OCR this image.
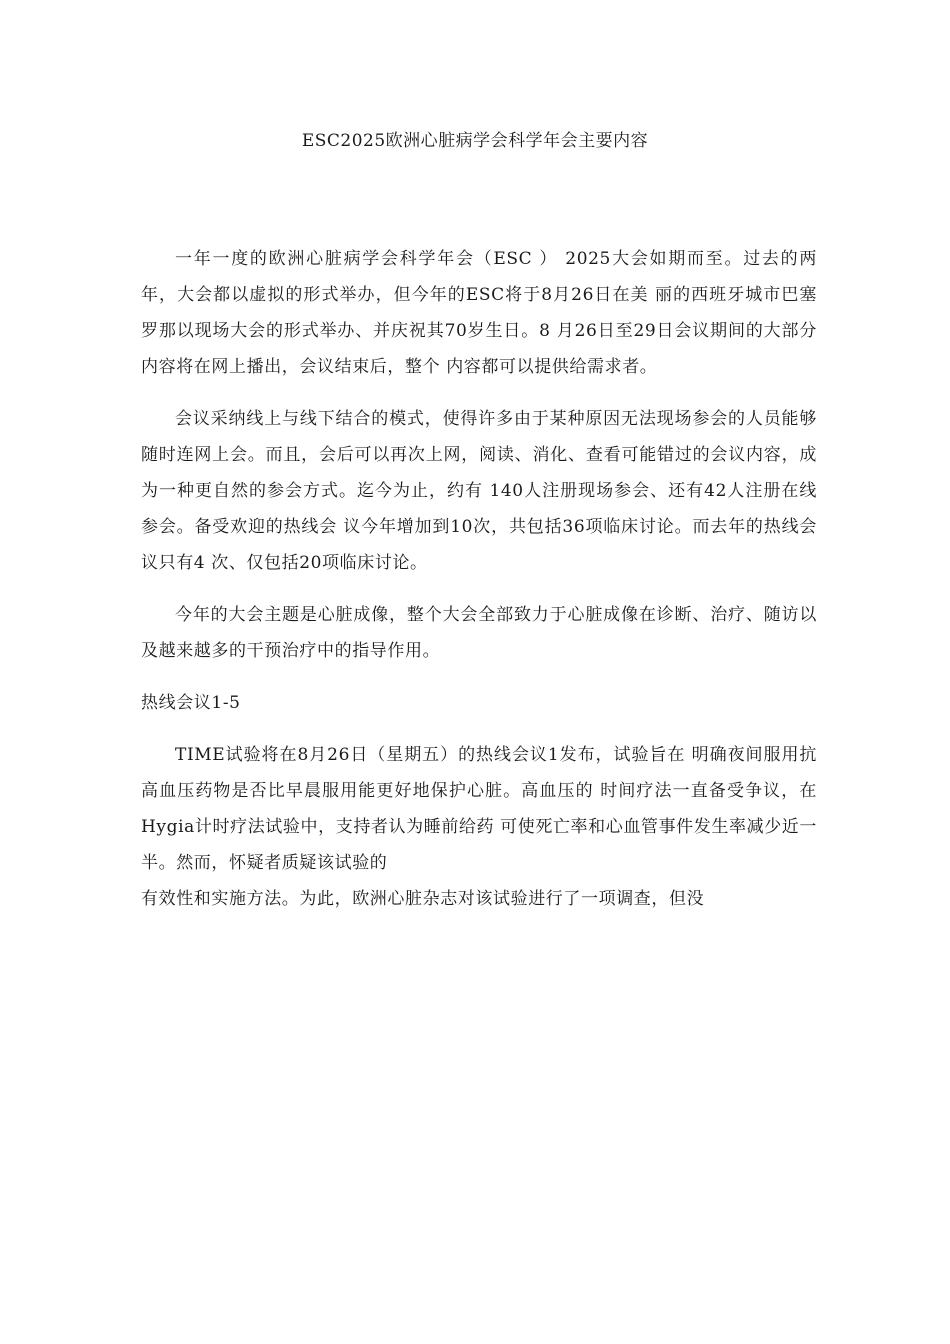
ESC2025欧洲心脏病学会科学年会主要内容

一年一度的欧洲心脏病学会科学年会（ESC ） 2025大会如期而至。过去的两年，大会都以虚拟的形式举办，但今年的ESC将于8月26日在美 丽的西班牙城市巴塞罗那以现场大会的形式举办、并庆祝其70岁生日。8 月26日至29日会议期间的大部分内容将在网上播出，会议结束后，整个 内容都可以提供给需求者。

会议采纳线上与线下结合的模式，使得许多由于某种原因无法现场参会的人员能够随时连网上会。而且，会后可以再次上网，阅读、消化、查看可能错过的会议内容，成为一种更自然的参会方式。迄今为止，约有 140人注册现场参会、还有42人注册在线参会。备受欢迎的热线会 议今年增加到10次，共包括36项临床讨论。而去年的热线会议只有4 次、仅包括20项临床讨论。

今年的大会主题是心脏成像，整个大会全部致力于心脏成像在诊断、治疗、随访以及越来越多的干预治疗中的指导作用。

热线会议1-5

TIME试验将在8月26日（星期五）的热线会议1发布，试验旨在 明确夜间服用抗高血压药物是否比早晨服用能更好地保护心脏。高血压的 时间疗法一直备受争议，在Hygia计时疗法试验中，支持者认为睡前给药 可使死亡率和心血管事件发生率减少近一半。然而，怀疑者质疑该试验的

有效性和实施方法。为此，欧洲心脏杂志对该试验进行了一项调查，但没
